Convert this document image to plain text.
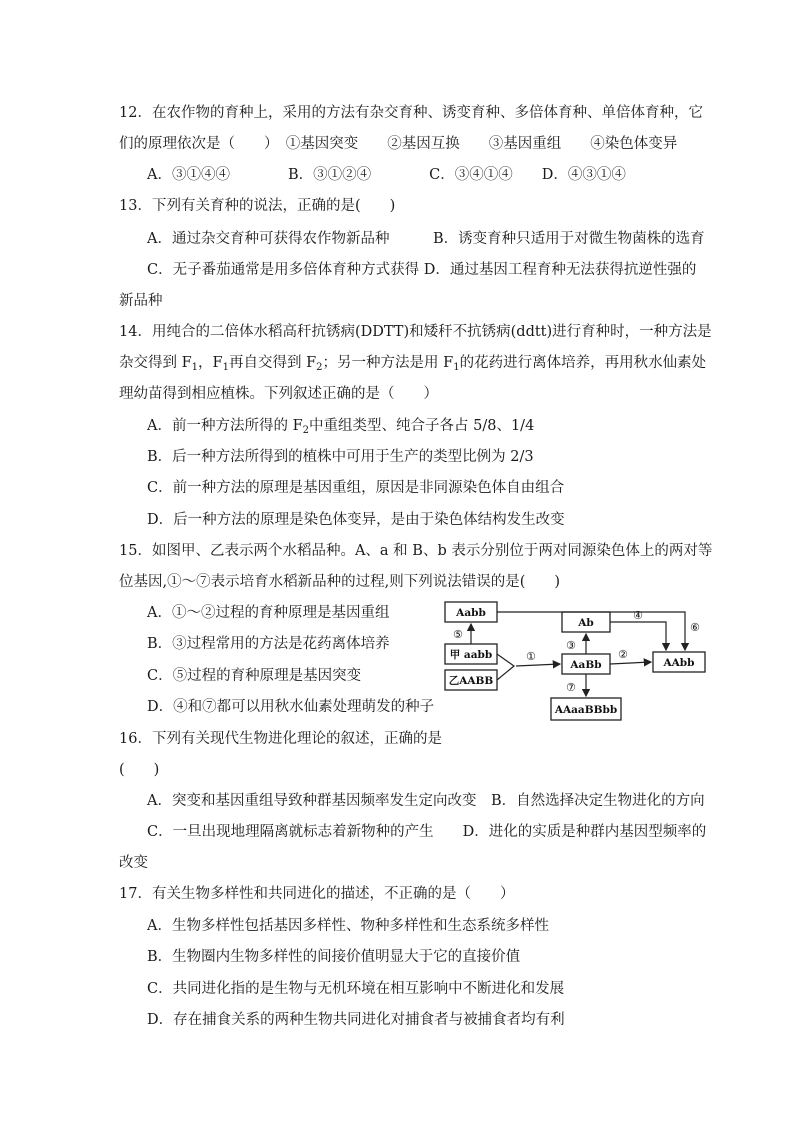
12．在农作物的育种上，采用的方法有杂交育种、诱变育种、多倍体育种、单倍体育种，它
们的原理依次是（　　）　①基因突变　　②基因互换　　③基因重组　　④染色体变异
A．③①④④　　　　B．③①②④　　　　C．③④①④　　D．④③①④
13．下列有关育种的说法，正确的是(　　)
A．通过杂交育种可获得农作物新品种　　　B．诱变育种只适用于对微生物菌株的选育
C．无子番茄通常是用多倍体育种方式获得 D．通过基因工程育种无法获得抗逆性强的
新品种
14．用纯合的二倍体水稻高秆抗锈病(DDTT)和矮秆不抗锈病(ddtt)进行育种时，一种方法是
杂交得到 $F_1$，$F_1$再自交得到 $F_2$；另一种方法是用 $F_1$的花药进行离体培养，再用秋水仙素处
理幼苗得到相应植株。下列叙述正确的是（　　）
A．前一种方法所得的 $F_2$中重组类型、纯合子各占 5/8、1/4
B．后一种方法所得到的植株中可用于生产的类型比例为 2/3
C．前一种方法的原理是基因重组，原因是非同源染色体自由组合
D．后一种方法的原理是染色体变异，是由于染色体结构发生改变
15．如图甲、乙表示两个水稻品种。A、a 和 B、b 表示分别位于两对同源染色体上的两对等
位基因,①～⑦表示培育水稻新品种的过程,则下列说法错误的是(　　)
A．①～②过程的育种原理是基因重组
B．③过程常用的方法是花药离体培养
C．⑤过程的育种原理是基因突变
D．④和⑦都可以用秋水仙素处理萌发的种子
Aabb
甲 aabb
乙AABB
Ab
AaBb	AAbb
AAaaBBbb
⑤
①
③
②
④
⑥
⑦
16．下列有关现代生物进化理论的叙述，正确的是
(　　)
A．突变和基因重组导致种群基因频率发生定向改变　B．自然选择决定生物进化的方向
C．一旦出现地理隔离就标志着新物种的产生　　D．进化的实质是种群内基因型频率的
改变
17．有关生物多样性和共同进化的描述，不正确的是（　　）
A．生物多样性包括基因多样性、物种多样性和生态系统多样性
B．生物圈内生物多样性的间接价值明显大于它的直接价值
C．共同进化指的是生物与无机环境在相互影响中不断进化和发展
D．存在捕食关系的两种生物共同进化对捕食者与被捕食者均有利
